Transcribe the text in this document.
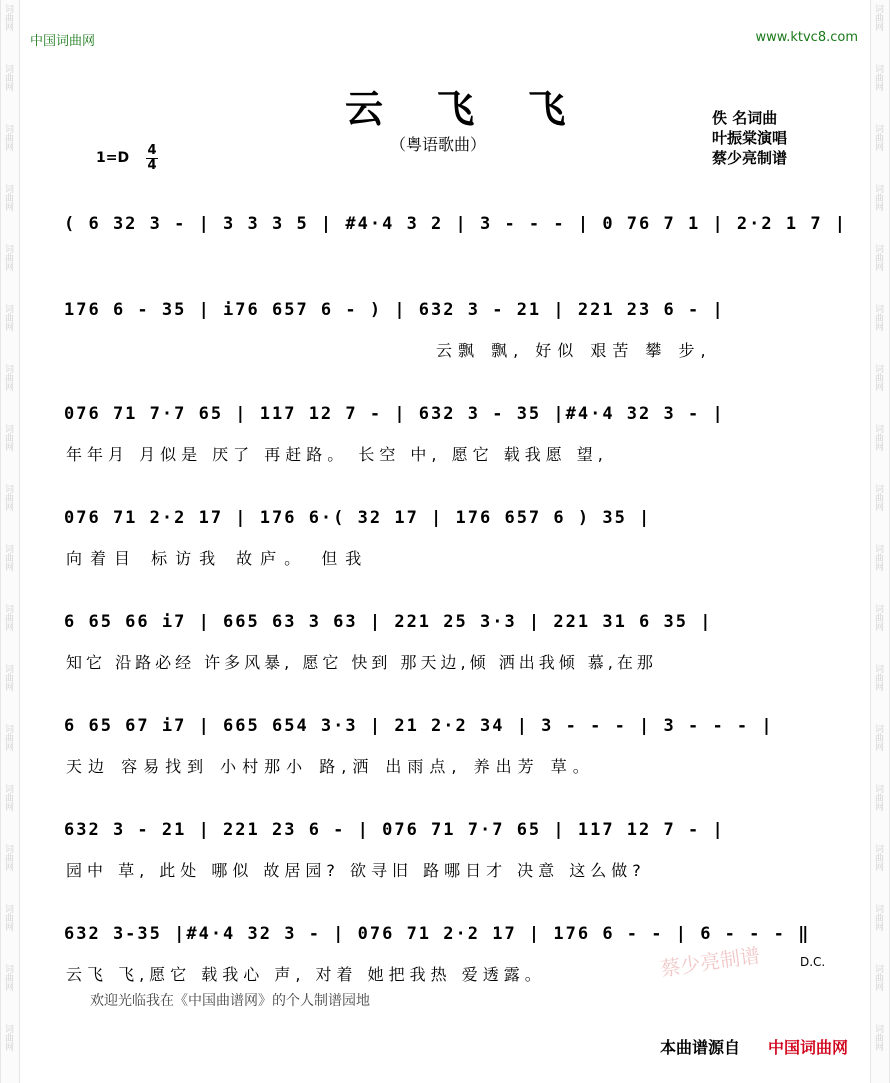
词曲网
词曲网
词曲网
词曲网
词曲网
词曲网
词曲网
词曲网
词曲网
词曲网
词曲网
词曲网
词曲网
词曲网
词曲网
词曲网
词曲网
词曲网
词曲网
词曲网
词曲网
词曲网
词曲网
词曲网
词曲网
词曲网
词曲网
词曲网
词曲网
词曲网
词曲网
词曲网
词曲网
词曲网
词曲网
词曲网
中国词曲网	www.ktvc8.com
云 飞 飞
（粤语歌曲）
佚 名词曲
叶振棠演唱
蔡少亮制谱
1=D 4
4
( 6 32 3 - | 3 3 3 5 | #4·4 3 2 | 3 - - - | 0 76 7 1 | 2·2 1 7 |
176 6 - 35 | i76 657 6 - ) | 632 3 - 21 | 221 23 6 - |
云飘 飘, 好似 艰苦 攀 步,
076 71 7·7 65 | 117 12 7 - | 632 3 - 35 |#4·4 32 3 - |
年年月 月似是 厌了 再赶路。 长空 中, 愿它 载我愿 望,
076 71 2·2 17 | 176 6·( 32 17 | 176 657 6 ) 35 |
向着目 标访我 故庐。 但我
6 65 66 i7 | 665 63 3 63 | 221 25 3·3 | 221 31 6 35 |
知它 沿路必经 许多风暴, 愿它 快到 那天边,倾 洒出我倾 慕,在那
6 65 67 i7 | 665 654 3·3 | 21 2·2 34 | 3 - - - | 3 - - - |
天边 容易找到 小村那小 路,洒 出雨点, 养出芳 草。
632 3 - 21 | 221 23 6 - | 076 71 7·7 65 | 117 12 7 - |
园中 草, 此处 哪似 故居园? 欲寻旧 路哪日才 决意 这么做?
632 3-35 |#4·4 32 3 - | 076 71 2·2 17 | 176 6 - - | 6 - - - ‖
云飞 飞,愿它 载我心 声, 对着 她把我热 爱透露。	蔡少亮制谱	D.C.
欢迎光临我在《中国曲谱网》的个人制谱园地
本曲谱源自 中国词曲网
